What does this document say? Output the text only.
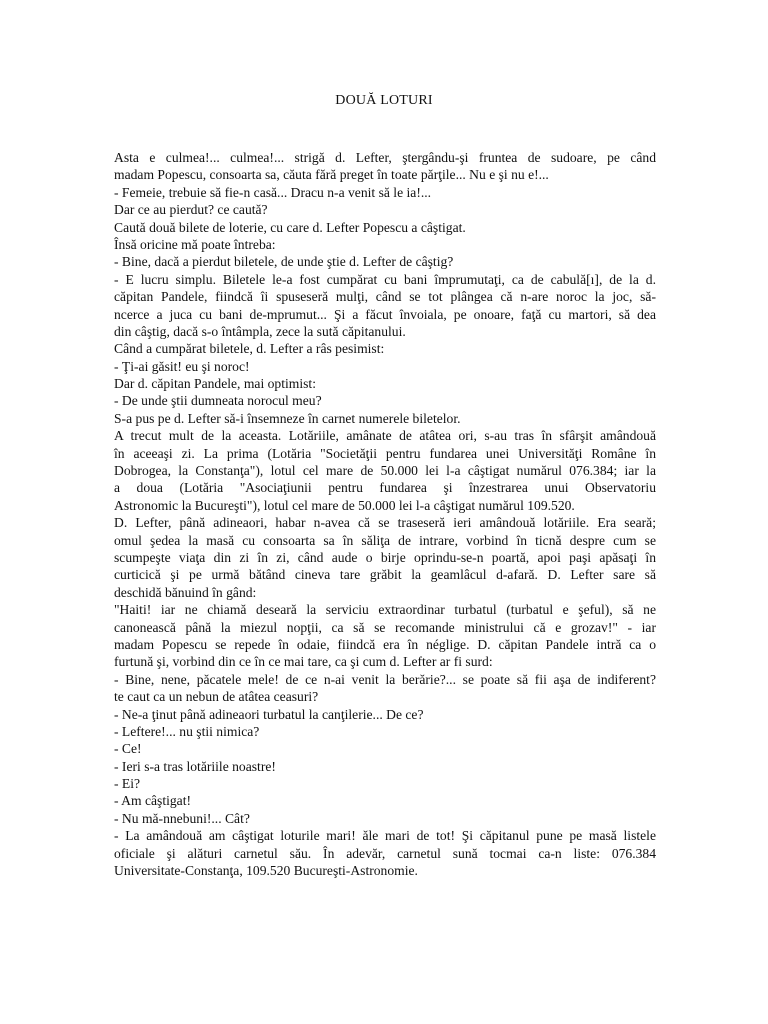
DOUĂ LOTURI
Asta e culmea!... culmea!... strigă d. Lefter, ştergându-şi fruntea de sudoare, pe când
madam Popescu, consoarta sa, căuta fără preget în toate părţile... Nu e şi nu e!...
- Femeie, trebuie să fie-n casă... Dracu n-a venit să le ia!...
Dar ce au pierdut? ce caută?
Caută două bilete de loterie, cu care d. Lefter Popescu a câştigat.
Însă oricine mă poate întreba:
- Bine, dacă a pierdut biletele, de unde ştie d. Lefter de câştig?
- E lucru simplu. Biletele le-a fost cumpărat cu bani împrumutaţi, ca de cabulă[ı], de la d.
căpitan Pandele, fiindcă îi spuseseră mulţi, când se tot plângea că n-are noroc la joc, să-
ncerce a juca cu bani de-mprumut... Şi a făcut învoiala, pe onoare, faţă cu martori, să dea
din câştig, dacă s-o întâmpla, zece la sută căpitanului.
Când a cumpărat biletele, d. Lefter a râs pesimist:
- Ţi-ai găsit! eu şi noroc!
Dar d. căpitan Pandele, mai optimist:
- De unde ştii dumneata norocul meu?
S-a pus pe d. Lefter să-i însemneze în carnet numerele biletelor.
A trecut mult de la aceasta. Lotăriile, amânate de atâtea ori, s-au tras în sfârşit amândouă
în aceeaşi zi. La prima (Lotăria "Societăţii pentru fundarea unei Universităţi Române în
Dobrogea, la Constanţa"), lotul cel mare de 50.000 lei l-a câştigat numărul 076.384; iar la
a doua (Lotăria "Asociaţiunii pentru fundarea şi înzestrarea unui Observatoriu
Astronomic la Bucureşti"), lotul cel mare de 50.000 lei l-a câştigat numărul 109.520.
D. Lefter, până adineaori, habar n-avea că se traseseră ieri amândouă lotăriile. Era seară;
omul şedea la masă cu consoarta sa în săliţa de intrare, vorbind în ticnă despre cum se
scumpeşte viaţa din zi în zi, când aude o birje oprindu-se-n poartă, apoi paşi apăsaţi în
curticică şi pe urmă bătând cineva tare grăbit la geamlâcul d-afară. D. Lefter sare să
deschidă bănuind în gând:
"Haiti! iar ne chiamă deseară la serviciu extraordinar turbatul (turbatul e şeful), să ne
canonească până la miezul nopţii, ca să se recomande ministrului că e grozav!" - iar
madam Popescu se repede în odaie, fiindcă era în néglige. D. căpitan Pandele intră ca o
furtună şi, vorbind din ce în ce mai tare, ca şi cum d. Lefter ar fi surd:
- Bine, nene, păcatele mele! de ce n-ai venit la berărie?... se poate să fii aşa de indiferent?
te caut ca un nebun de atâtea ceasuri?
- Ne-a ţinut până adineaori turbatul la canţilerie... De ce?
- Leftere!... nu ştii nimica?
- Ce!
- Ieri s-a tras lotăriile noastre!
- Ei?
- Am câştigat!
- Nu mă-nnebuni!... Cât?
- La amândouă am câştigat loturile mari! ăle mari de tot! Şi căpitanul pune pe masă listele
oficiale şi alături carnetul său. În adevăr, carnetul sună tocmai ca-n liste: 076.384
Universitate-Constanţa, 109.520 Bucureşti-Astronomie.
